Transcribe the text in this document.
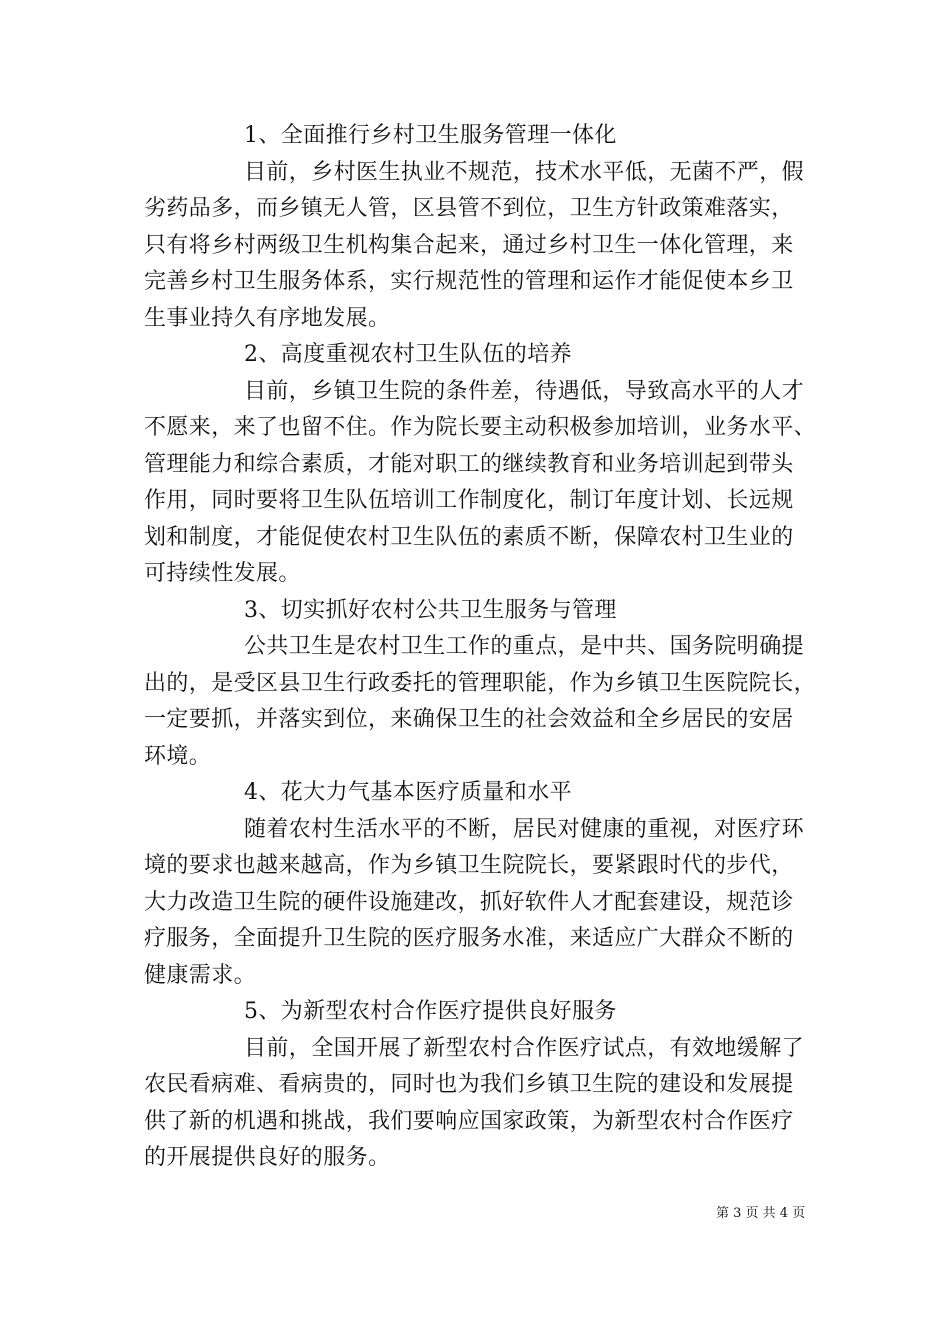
1、全面推行乡村卫生服务管理一体化
目前，乡村医生执业不规范，技术水平低，无菌不严，假
劣药品多，而乡镇无人管，区县管不到位，卫生方针政策难落实，
只有将乡村两级卫生机构集合起来，通过乡村卫生一体化管理，来
完善乡村卫生服务体系，实行规范性的管理和运作才能促使本乡卫
生事业持久有序地发展。
2、高度重视农村卫生队伍的培养
目前，乡镇卫生院的条件差，待遇低，导致高水平的人才
不愿来，来了也留不住。作为院长要主动积极参加培训，业务水平、
管理能力和综合素质，才能对职工的继续教育和业务培训起到带头
作用，同时要将卫生队伍培训工作制度化，制订年度计划、长远规
划和制度，才能促使农村卫生队伍的素质不断，保障农村卫生业的
可持续性发展。
3、切实抓好农村公共卫生服务与管理
公共卫生是农村卫生工作的重点，是中共、国务院明确提
出的，是受区县卫生行政委托的管理职能，作为乡镇卫生医院院长，
一定要抓，并落实到位，来确保卫生的社会效益和全乡居民的安居
环境。
4、花大力气基本医疗质量和水平
随着农村生活水平的不断，居民对健康的重视，对医疗环
境的要求也越来越高，作为乡镇卫生院院长，要紧跟时代的步代，
大力改造卫生院的硬件设施建改，抓好软件人才配套建设，规范诊
疗服务，全面提升卫生院的医疗服务水准，来适应广大群众不断的
健康需求。
5、为新型农村合作医疗提供良好服务
目前，全国开展了新型农村合作医疗试点，有效地缓解了
农民看病难、看病贵的，同时也为我们乡镇卫生院的建设和发展提
供了新的机遇和挑战，我们要响应国家政策，为新型农村合作医疗
的开展提供良好的服务。
第 3 页 共 4 页
